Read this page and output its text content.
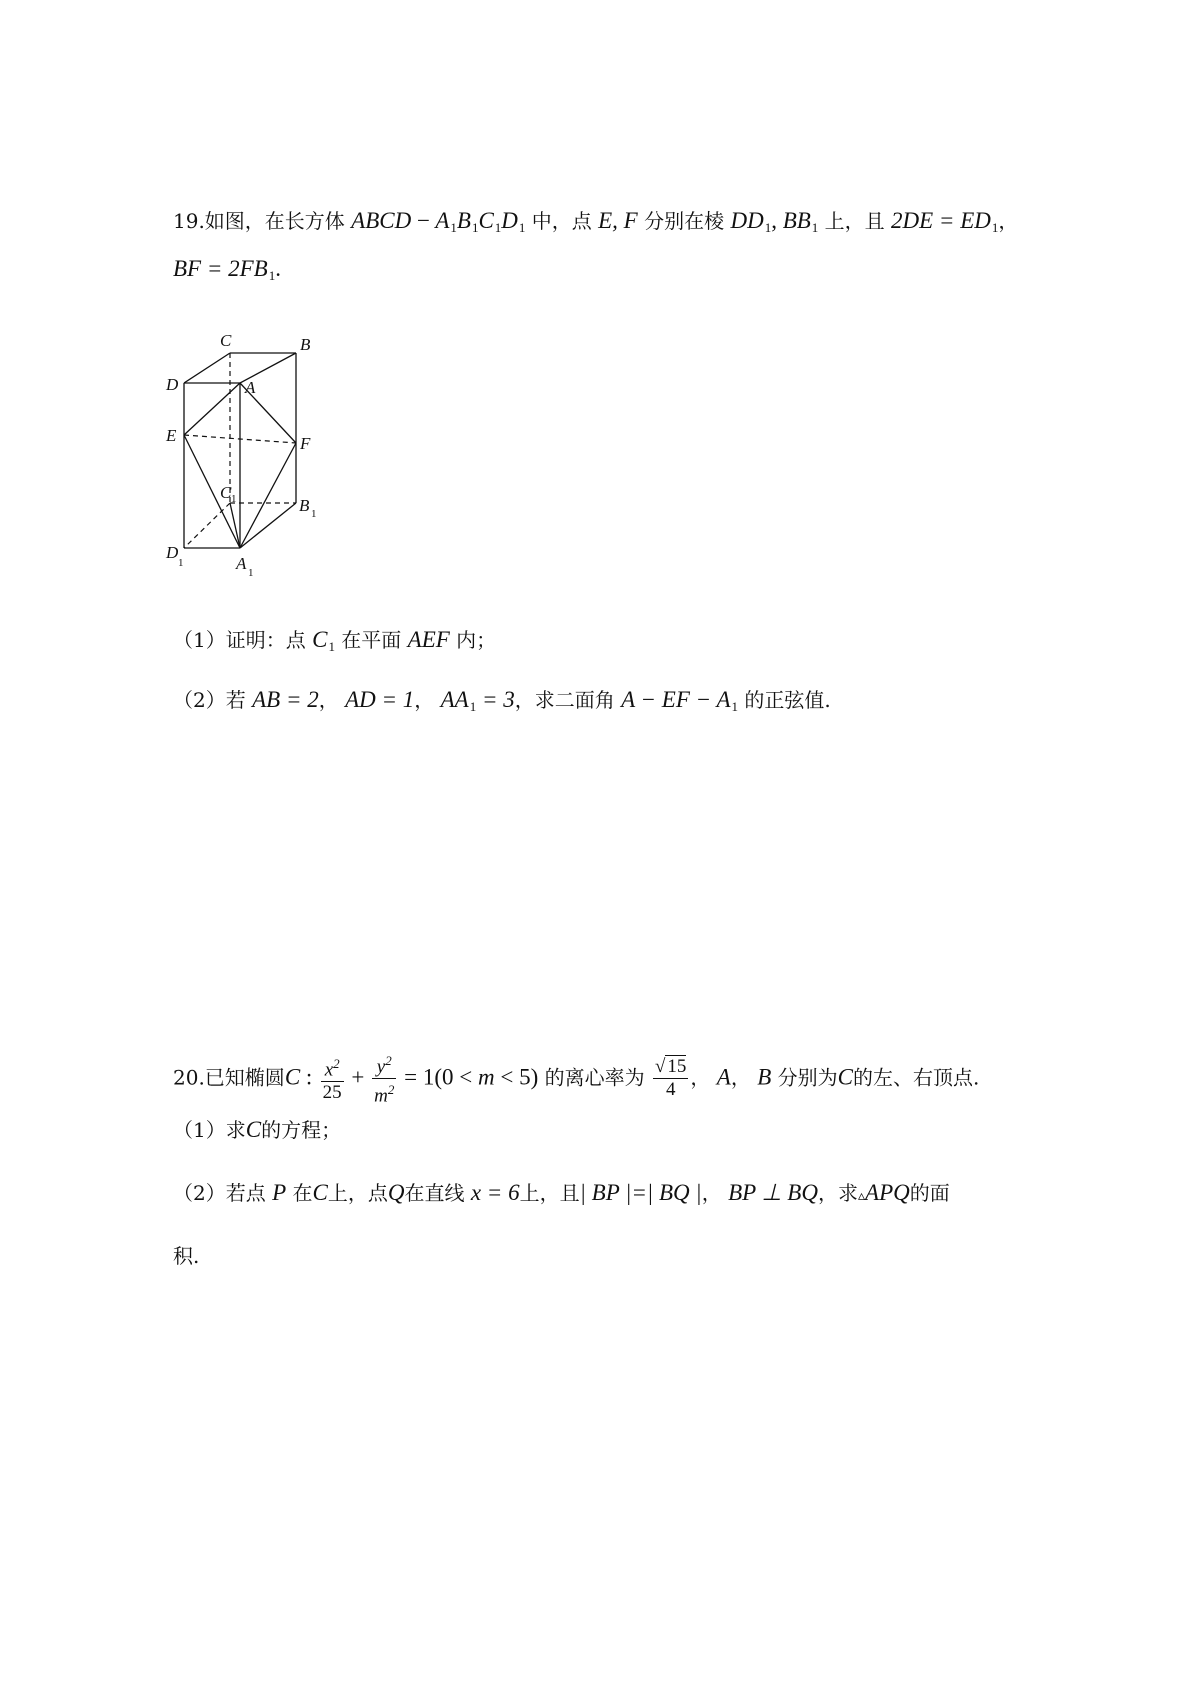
19.如图，在长方体 ABCD − $A_1B_1C_1D_1$ 中，点 E, F 分别在棱 $DD_1$, $BB_1$ 上，且 $2DE = ED_1$，
BF = $2FB_1$.
C	B
D	A
E	F
C 1	B 1
D
1	A 1
（1）证明：点 $C_1$ 在平面 AEF 内；
（2）若 AB = 2， AD = 1， $AA_1 = 3$，求二面角 A − EF − $A_1$ 的正弦值.
20.已知椭圆C : $\frac{x^2}{25} + \frac{y^2}{m^2} = 1(0 < m < 5)$ 的离心率为 $\frac{√ 15}{4}$ ， A， B 分别为C的左、右顶点.
（1）求C的方程；
（2）若点 P 在C上，点Q在直线 x = 6上，且| BP |=| BQ |， BP ⊥ BQ，求▵APQ的面
积.
